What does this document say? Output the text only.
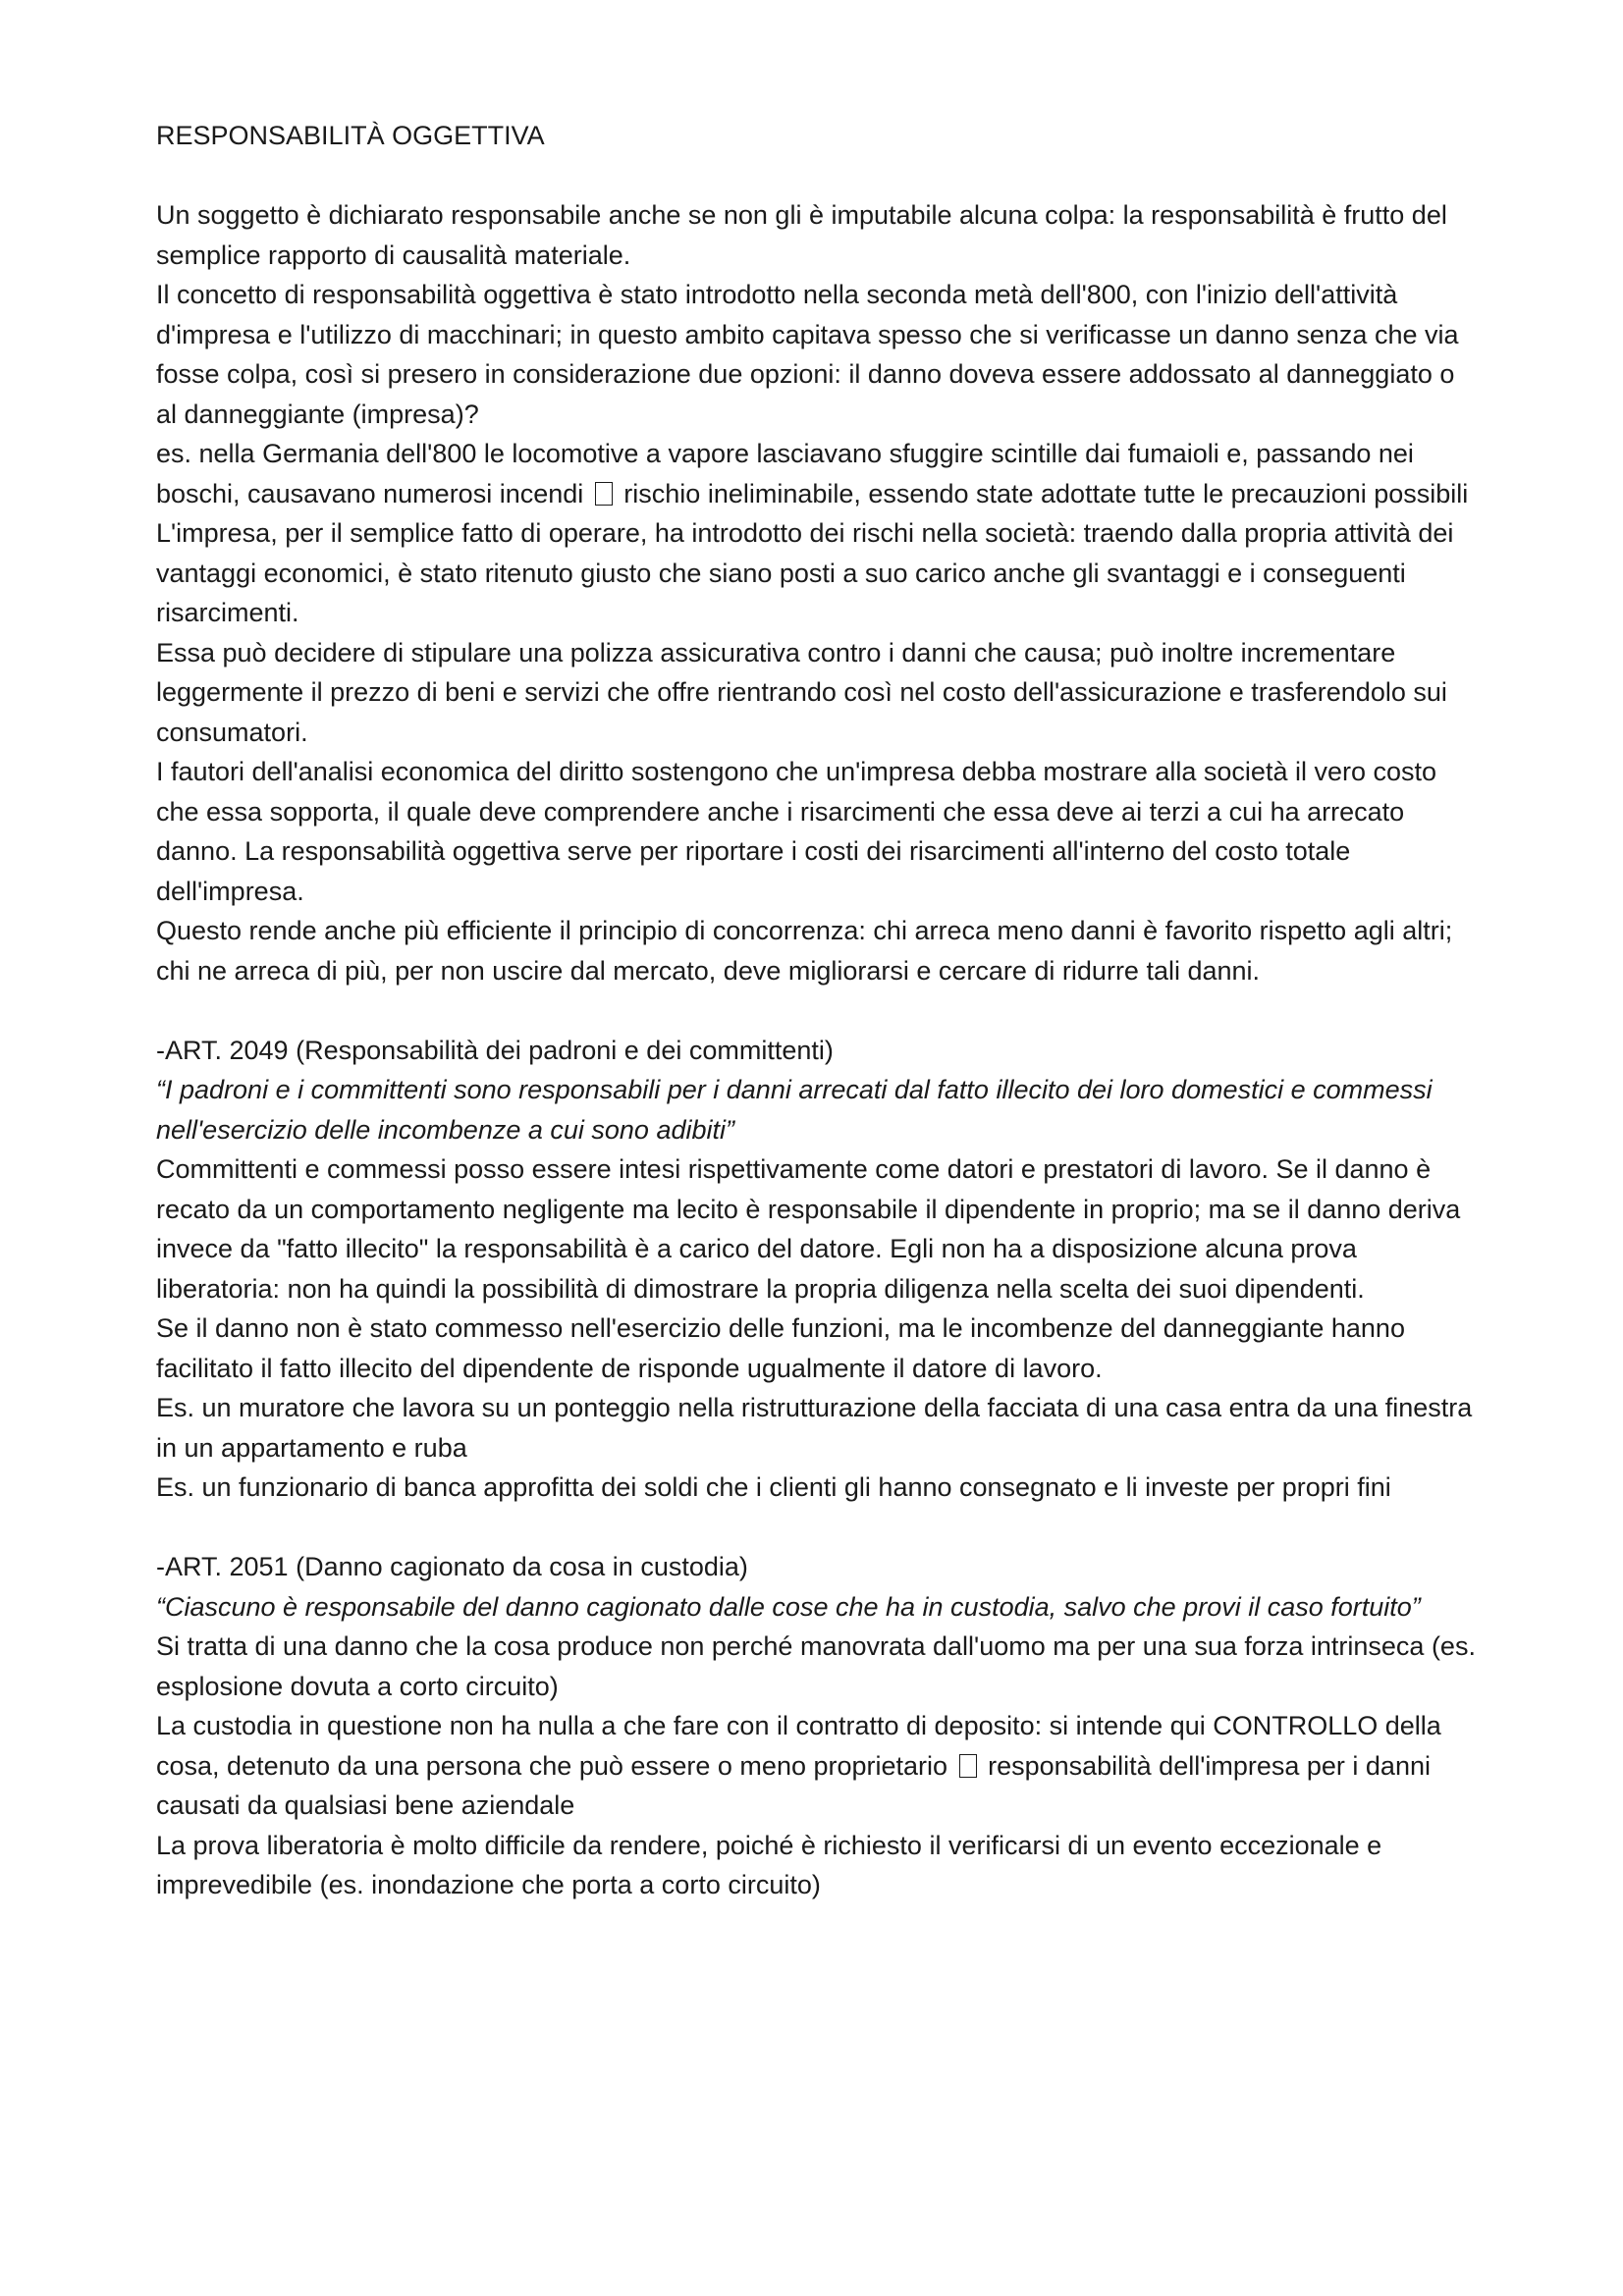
RESPONSABILITÀ OGGETTIVA

Un soggetto è dichiarato responsabile anche se non gli è imputabile alcuna colpa: la responsabilità è frutto del semplice rapporto di causalità materiale.

Il concetto di responsabilità oggettiva è stato introdotto nella seconda metà dell'800, con l'inizio dell'attività d'impresa e l'utilizzo di macchinari; in questo ambito capitava spesso che si verificasse un danno senza che via fosse colpa, così si presero in considerazione due opzioni: il danno doveva essere addossato al danneggiato o al danneggiante (impresa)?

es. nella Germania dell'800 le locomotive a vapore lasciavano sfuggire scintille dai fumaioli e, passando nei boschi, causavano numerosi incendi rischio ineliminabile, essendo state adottate tutte le precauzioni possibili

L'impresa, per il semplice fatto di operare, ha introdotto dei rischi nella società: traendo dalla propria attività dei vantaggi economici, è stato ritenuto giusto che siano posti a suo carico anche gli svantaggi e i conseguenti risarcimenti.

Essa può decidere di stipulare una polizza assicurativa contro i danni che causa; può inoltre incrementare leggermente il prezzo di beni e servizi che offre rientrando così nel costo dell'assicurazione e trasferendolo sui consumatori.

I fautori dell'analisi economica del diritto sostengono che un'impresa debba mostrare alla società il vero costo che essa sopporta, il quale deve comprendere anche i risarcimenti che essa deve ai terzi a cui ha arrecato danno. La responsabilità oggettiva serve per riportare i costi dei risarcimenti all'interno del costo totale dell'impresa.

Questo rende anche più efficiente il principio di concorrenza: chi arreca meno danni è favorito rispetto agli altri; chi ne arreca di più, per non uscire dal mercato, deve migliorarsi e cercare di ridurre tali danni.

-ART. 2049 (Responsabilità dei padroni e dei committenti)

“I padroni e i committenti sono responsabili per i danni arrecati dal fatto illecito dei loro domestici e commessi nell'esercizio delle incombenze a cui sono adibiti”

Committenti e commessi posso essere intesi rispettivamente come datori e prestatori di lavoro. Se il danno è recato da un comportamento negligente ma lecito è responsabile il dipendente in proprio; ma se il danno deriva invece da "fatto illecito" la responsabilità è a carico del datore. Egli non ha a disposizione alcuna prova liberatoria: non ha quindi la possibilità di dimostrare la propria diligenza nella scelta dei suoi dipendenti.

Se il danno non è stato commesso nell'esercizio delle funzioni, ma le incombenze del danneggiante hanno facilitato il fatto illecito del dipendente de risponde ugualmente il datore di lavoro.

Es. un muratore che lavora su un ponteggio nella ristrutturazione della facciata di una casa entra da una finestra in un appartamento e ruba

Es. un funzionario di banca approfitta dei soldi che i clienti gli hanno consegnato e li investe per propri fini

-ART. 2051 (Danno cagionato da cosa in custodia)

“Ciascuno è responsabile del danno cagionato dalle cose che ha in custodia, salvo che provi il caso fortuito”

Si tratta di una danno che la cosa produce non perché manovrata dall'uomo ma per una sua forza intrinseca (es. esplosione dovuta a corto circuito)

La custodia in questione non ha nulla a che fare con il contratto di deposito: si intende qui CONTROLLO della cosa, detenuto da una persona che può essere o meno proprietario responsabilità dell'impresa per i danni causati da qualsiasi bene aziendale

La prova liberatoria è molto difficile da rendere, poiché è richiesto il verificarsi di un evento eccezionale e imprevedibile (es. inondazione che porta a corto circuito)
